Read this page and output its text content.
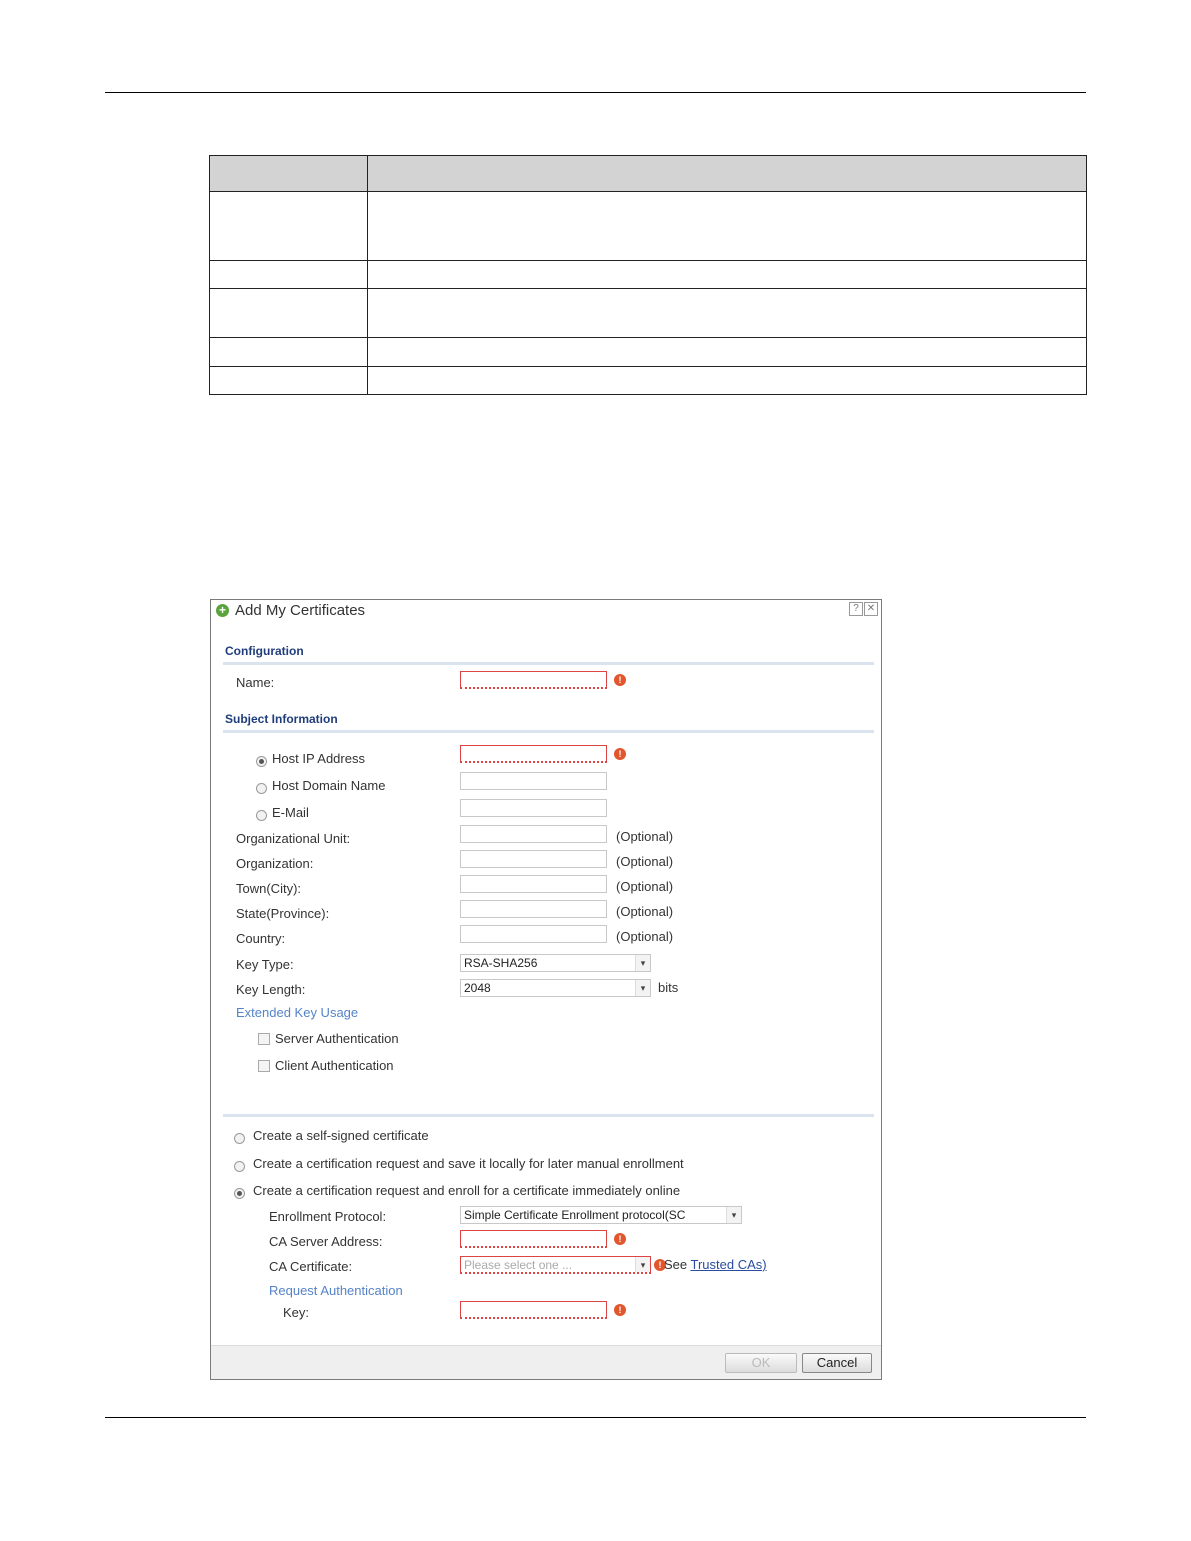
+ Add My Certificates	? ✕
Configuration
Name:	!
Subject Information
Host IP Address	!
Host Domain Name
E-Mail
Organizational Unit:	(Optional)
Organization:	(Optional)
Town(City):	(Optional)
State(Province):	(Optional)
Country:	(Optional)
Key Type:	RSA-SHA256	▾
Key Length:	2048	▾ bits
Extended Key Usage
Server Authentication
Client Authentication
Create a self-signed certificate
Create a certification request and save it locally for later manual enrollment
Create a certification request and enroll for a certificate immediately online
Enrollment Protocol:	Simple Certificate Enrollment protocol(SC	▾
CA Server Address:	!
CA Certificate:	Please select one ...	▾	! See Trusted CAs)
Request Authentication
Key:	!
OK	Cancel
